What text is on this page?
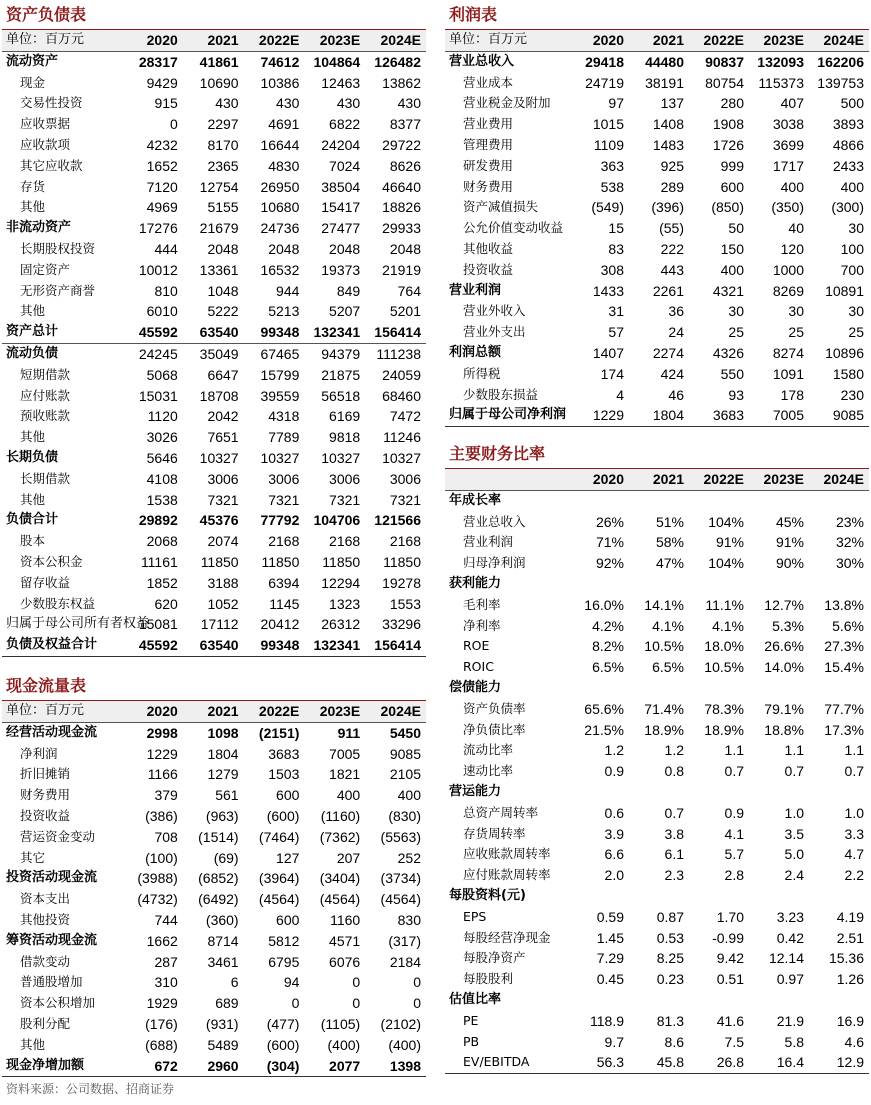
资产负债表
单位：百万元	2020	2021	2022E	2023E	2024E
流动资产	28317	41861	74612	104864	126482
现金	9429	10690	10386	12463	13862
交易性投资	915	430	430	430	430
应收票据	0	2297	4691	6822	8377
应收款项	4232	8170	16644	24204	29722
其它应收款	1652	2365	4830	7024	8626
存货	7120	12754	26950	38504	46640
其他	4969	5155	10680	15417	18826
非流动资产	17276	21679	24736	27477	29933
长期股权投资	444	2048	2048	2048	2048
固定资产	10012	13361	16532	19373	21919
无形资产商誉	810	1048	944	849	764
其他	6010	5222	5213	5207	5201
资产总计	45592	63540	99348	132341	156414
流动负债	24245	35049	67465	94379	111238
短期借款	5068	6647	15799	21875	24059
应付账款	15031	18708	39559	56518	68460
预收账款	1120	2042	4318	6169	7472
其他	3026	7651	7789	9818	11246
长期负债	5646	10327	10327	10327	10327
长期借款	4108	3006	3006	3006	3006
其他	1538	7321	7321	7321	7321
负债合计	29892	45376	77792	104706	121566
股本	2068	2074	2168	2168	2168
资本公积金	11161	11850	11850	11850	11850
留存收益	1852	3188	6394	12294	19278
少数股东权益	620	1052	1145	1323	1553
归属于母公司所有者权益	15081	17112	20412	26312	33296
负债及权益合计	45592	63540	99348	132341	156414
现金流量表
单位：百万元	2020	2021	2022E	2023E	2024E
经营活动现金流	2998	1098	(2151)	911	5450
净利润	1229	1804	3683	7005	9085
折旧摊销	1166	1279	1503	1821	2105
财务费用	379	561	600	400	400
投资收益	(386)	(963)	(600)	(1160)	(830)
营运资金变动	708	(1514)	(7464)	(7362)	(5563)
其它	(100)	(69)	127	207	252
投资活动现金流	(3988)	(6852)	(3964)	(3404)	(3734)
资本支出	(4732)	(6492)	(4564)	(4564)	(4564)
其他投资	744	(360)	600	1160	830
筹资活动现金流	1662	8714	5812	4571	(317)
借款变动	287	3461	6795	6076	2184
普通股增加	310	6	94	0	0
资本公积增加	1929	689	0	0	0
股利分配	(176)	(931)	(477)	(1105)	(2102)
其他	(688)	5489	(600)	(400)	(400)
现金净增加额	672	2960	(304)	2077	1398
利润表
单位：百万元	2020	2021	2022E	2023E	2024E
营业总收入	29418	44480	90837	132093	162206
营业成本	24719	38191	80754	115373	139753
营业税金及附加	97	137	280	407	500
营业费用	1015	1408	1908	3038	3893
管理费用	1109	1483	1726	3699	4866
研发费用	363	925	999	1717	2433
财务费用	538	289	600	400	400
资产减值损失	(549)	(396)	(850)	(350)	(300)
公允价值变动收益	15	(55)	50	40	30
其他收益	83	222	150	120	100
投资收益	308	443	400	1000	700
营业利润	1433	2261	4321	8269	10891
营业外收入	31	36	30	30	30
营业外支出	57	24	25	25	25
利润总额	1407	2274	4326	8274	10896
所得税	174	424	550	1091	1580
少数股东损益	4	46	93	178	230
归属于母公司净利润	1229	1804	3683	7005	9085
主要财务比率
	2020	2021	2022E	2023E	2024E
年成长率					
营业总收入	26%	51%	104%	45%	23%
营业利润	71%	58%	91%	91%	32%
归母净利润	92%	47%	104%	90%	30%
获利能力					
毛利率	16.0%	14.1%	11.1%	12.7%	13.8%
净利率	4.2%	4.1%	4.1%	5.3%	5.6%
ROE	8.2%	10.5%	18.0%	26.6%	27.3%
ROIC	6.5%	6.5%	10.5%	14.0%	15.4%
偿债能力					
资产负债率	65.6%	71.4%	78.3%	79.1%	77.7%
净负债比率	21.5%	18.9%	18.9%	18.8%	17.3%
流动比率	1.2	1.2	1.1	1.1	1.1
速动比率	0.9	0.8	0.7	0.7	0.7
营运能力					
总资产周转率	0.6	0.7	0.9	1.0	1.0
存货周转率	3.9	3.8	4.1	3.5	3.3
应收账款周转率	6.6	6.1	5.7	5.0	4.7
应付账款周转率	2.0	2.3	2.8	2.4	2.2
每股资料(元)					
EPS	0.59	0.87	1.70	3.23	4.19
每股经营净现金	1.45	0.53	-0.99	0.42	2.51
每股净资产	7.29	8.25	9.42	12.14	15.36
每股股利	0.45	0.23	0.51	0.97	1.26
估值比率					
PE	118.9	81.3	41.6	21.9	16.9
PB	9.7	8.6	7.5	5.8	4.6
EV/EBITDA	56.3	45.8	26.8	16.4	12.9
资料来源：公司数据、招商证券
